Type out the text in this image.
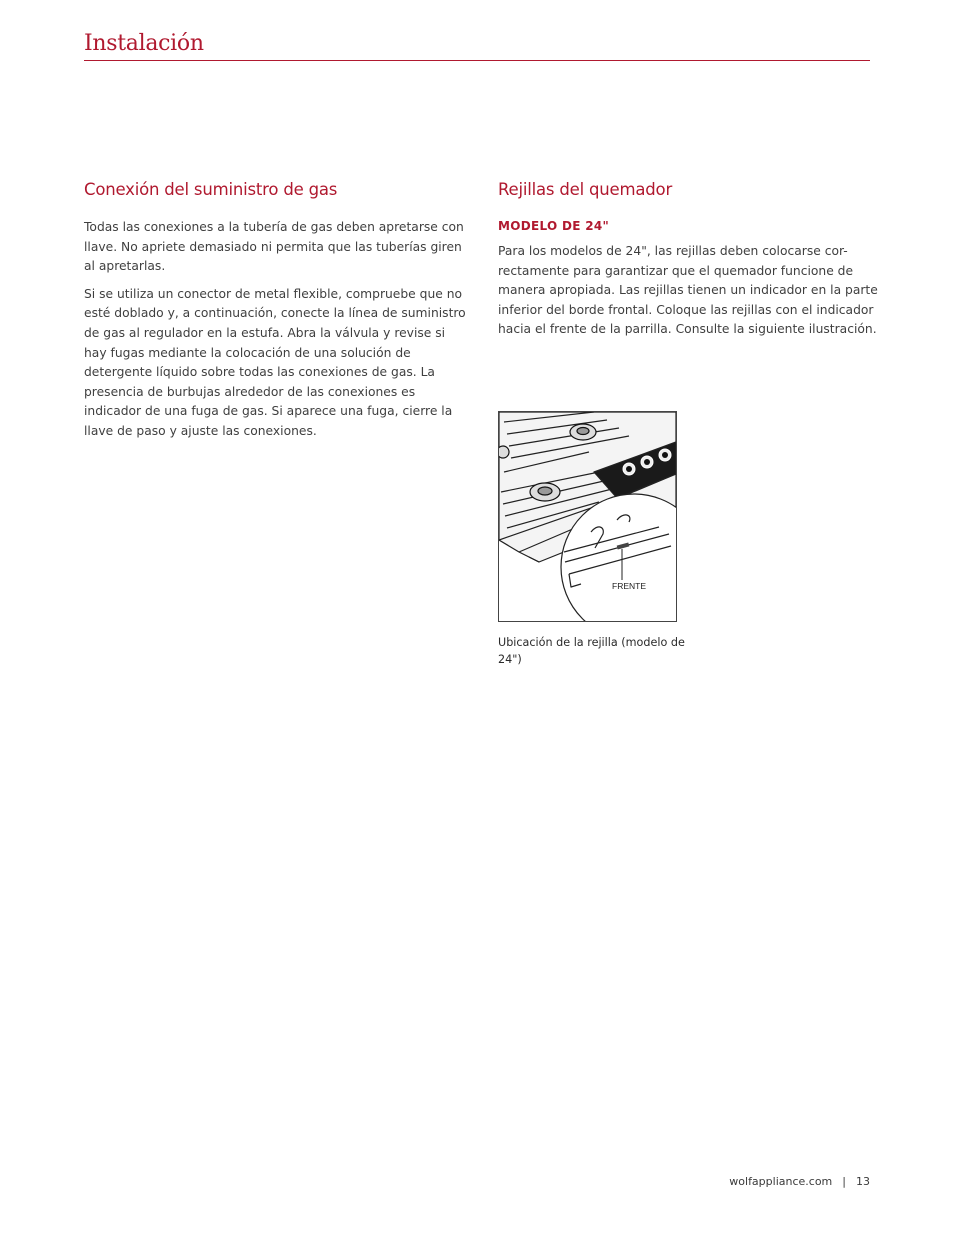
Instalación
Conexión del suministro de gas

Todas las conexiones a la tubería de gas deben apretarse con llave. No apriete demasiado ni permita que las tuberías giren al apretarlas.

Si se utiliza un conector de metal flexible, compruebe que no esté doblado y, a continuación, conecte la línea de suministro de gas al regulador en la estufa. Abra la válvula y revise si hay fugas mediante la colocación de una solución de detergente líquido sobre todas las conexiones de gas. La presencia de burbujas alrededor de las conexiones es indicador de una fuga de gas. Si aparece una fuga, cierre la llave de paso y ajuste las conexiones.

Rejillas del quemador
MODELO DE 24"

Para los modelos de 24", las rejillas deben colocarse cor-rectamente para garantizar que el quemador funcione de manera apropiada. Las rejillas tienen un indicador en la parte inferior del borde frontal. Coloque las rejillas con el indicador hacia el frente de la parrilla. Consulte la siguiente ilustración.

FRENTE
Ubicación de la rejilla (modelo de 24")
wolfappliance.com | 13
